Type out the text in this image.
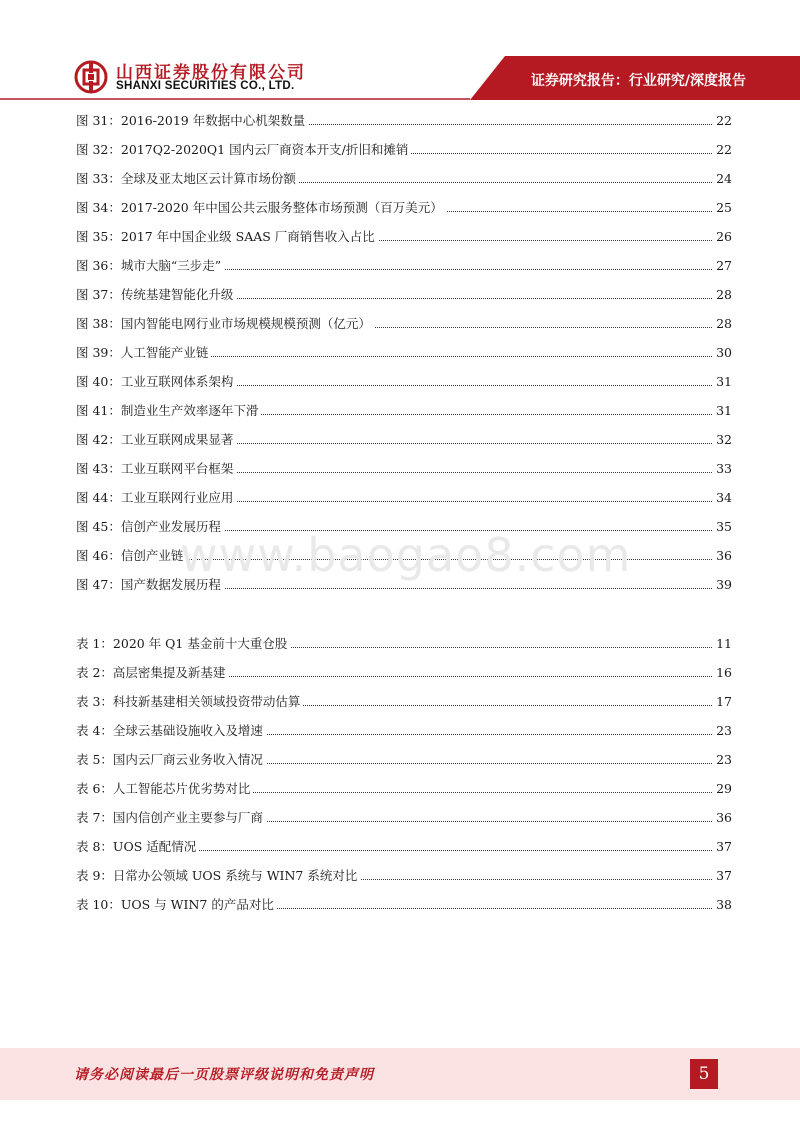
山西证券股份有限公司
SHANXI SECURITIES CO., LTD.	证券研究报告：行业研究/深度报告
图 31：2016-2019 年数据中心机架数量	22
图 32：2017Q2-2020Q1 国内云厂商资本开支/折旧和摊销	22
图 33：全球及亚太地区云计算市场份额	24
图 34：2017-2020 年中国公共云服务整体市场预测（百万美元）	25
图 35：2017 年中国企业级 SAAS 厂商销售收入占比	26
图 36：城市大脑“三步走”	27
图 37：传统基建智能化升级	28
图 38：国内智能电网行业市场规模规模预测（亿元）	28
图 39：人工智能产业链	30
图 40：工业互联网体系架构	31
图 41：制造业生产效率逐年下滑	31
图 42：工业互联网成果显著	32
图 43：工业互联网平台框架	33
图 44：工业互联网行业应用	34
图 45：信创产业发展历程	35
图 46：信创产业链	36
图 47：国产数据发展历程	39
表 1：2020 年 Q1 基金前十大重仓股	11
表 2：高层密集提及新基建	16
表 3：科技新基建相关领域投资带动估算	17
表 4：全球云基础设施收入及增速	23
表 5：国内云厂商云业务收入情况	23
表 6：人工智能芯片优劣势对比	29
表 7：国内信创产业主要参与厂商	36
表 8：UOS 适配情况	37
表 9：日常办公领域 UOS 系统与 WIN7 系统对比	37
表 10：UOS 与 WIN7 的产品对比	38
www.baogao8.com
请务必阅读最后一页股票评级说明和免责声明	5
